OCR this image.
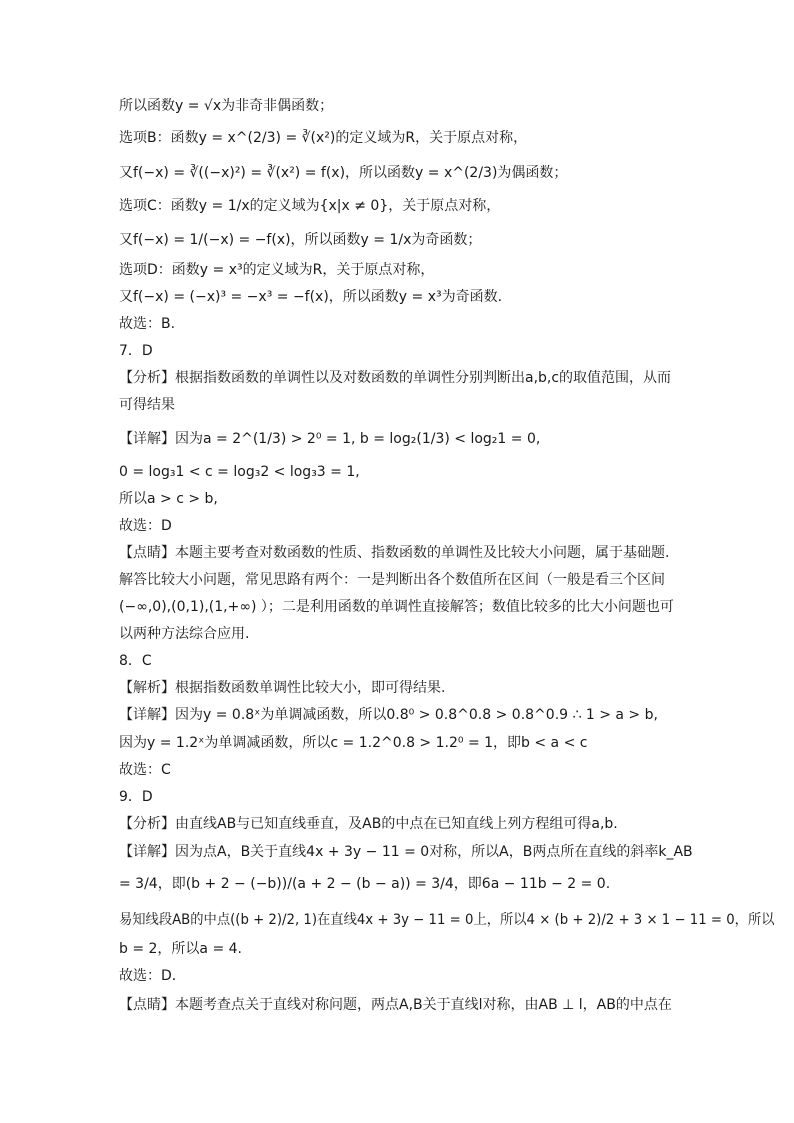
所以函数y = √x为非奇非偶函数；
选项B：函数y = x^(2/3) = ∛(x²)的定义域为R，关于原点对称，
又f(−x) = ∛((−x)²) = ∛(x²) = f(x)，所以函数y = x^(2/3)为偶函数；
选项C：函数y = 1/x的定义域为{x|x ≠ 0}，关于原点对称，
又f(−x) = 1/(−x) = −f(x)，所以函数y = 1/x为奇函数；
选项D：函数y = x³的定义域为R，关于原点对称，
又f(−x) = (−x)³ = −x³ = −f(x)，所以函数y = x³为奇函数.
故选：B.
7．D
【分析】根据指数函数的单调性以及对数函数的单调性分别判断出a,b,c的取值范围，从而
可得结果
【详解】因为a = 2^(1/3) > 2⁰ = 1, b = log₂(1/3) < log₂1 = 0,
0 = log₃1 < c = log₃2 < log₃3 = 1,
所以a > c > b,
故选：D
【点睛】本题主要考查对数函数的性质、指数函数的单调性及比较大小问题，属于基础题.
解答比较大小问题，常见思路有两个：一是判断出各个数值所在区间（一般是看三个区间
(−∞,0),(0,1),(1,+∞) ）；二是利用函数的单调性直接解答；数值比较多的比大小问题也可
以两种方法综合应用.
8．C
【解析】根据指数函数单调性比较大小，即可得结果.
【详解】因为y = 0.8ˣ为单调减函数，所以0.8⁰ > 0.8^0.8 > 0.8^0.9 ∴ 1 > a > b,
因为y = 1.2ˣ为单调减函数，所以c = 1.2^0.8 > 1.2⁰ = 1，即b < a < c
故选：C
9．D
【分析】由直线AB与已知直线垂直，及AB的中点在已知直线上列方程组可得a,b.
【详解】因为点A，B关于直线4x + 3y − 11 = 0对称，所以A，B两点所在直线的斜率k_AB
= 3/4，即(b + 2 − (−b))/(a + 2 − (b − a)) = 3/4，即6a − 11b − 2 = 0.
易知线段AB的中点((b + 2)/2, 1)在直线4x + 3y − 11 = 0上，所以4 × (b + 2)/2 + 3 × 1 − 11 = 0，所以
b = 2，所以a = 4.
故选：D．
【点睛】本题考查点关于直线对称问题，两点A,B关于直线l对称，由AB ⊥ l，AB的中点在
